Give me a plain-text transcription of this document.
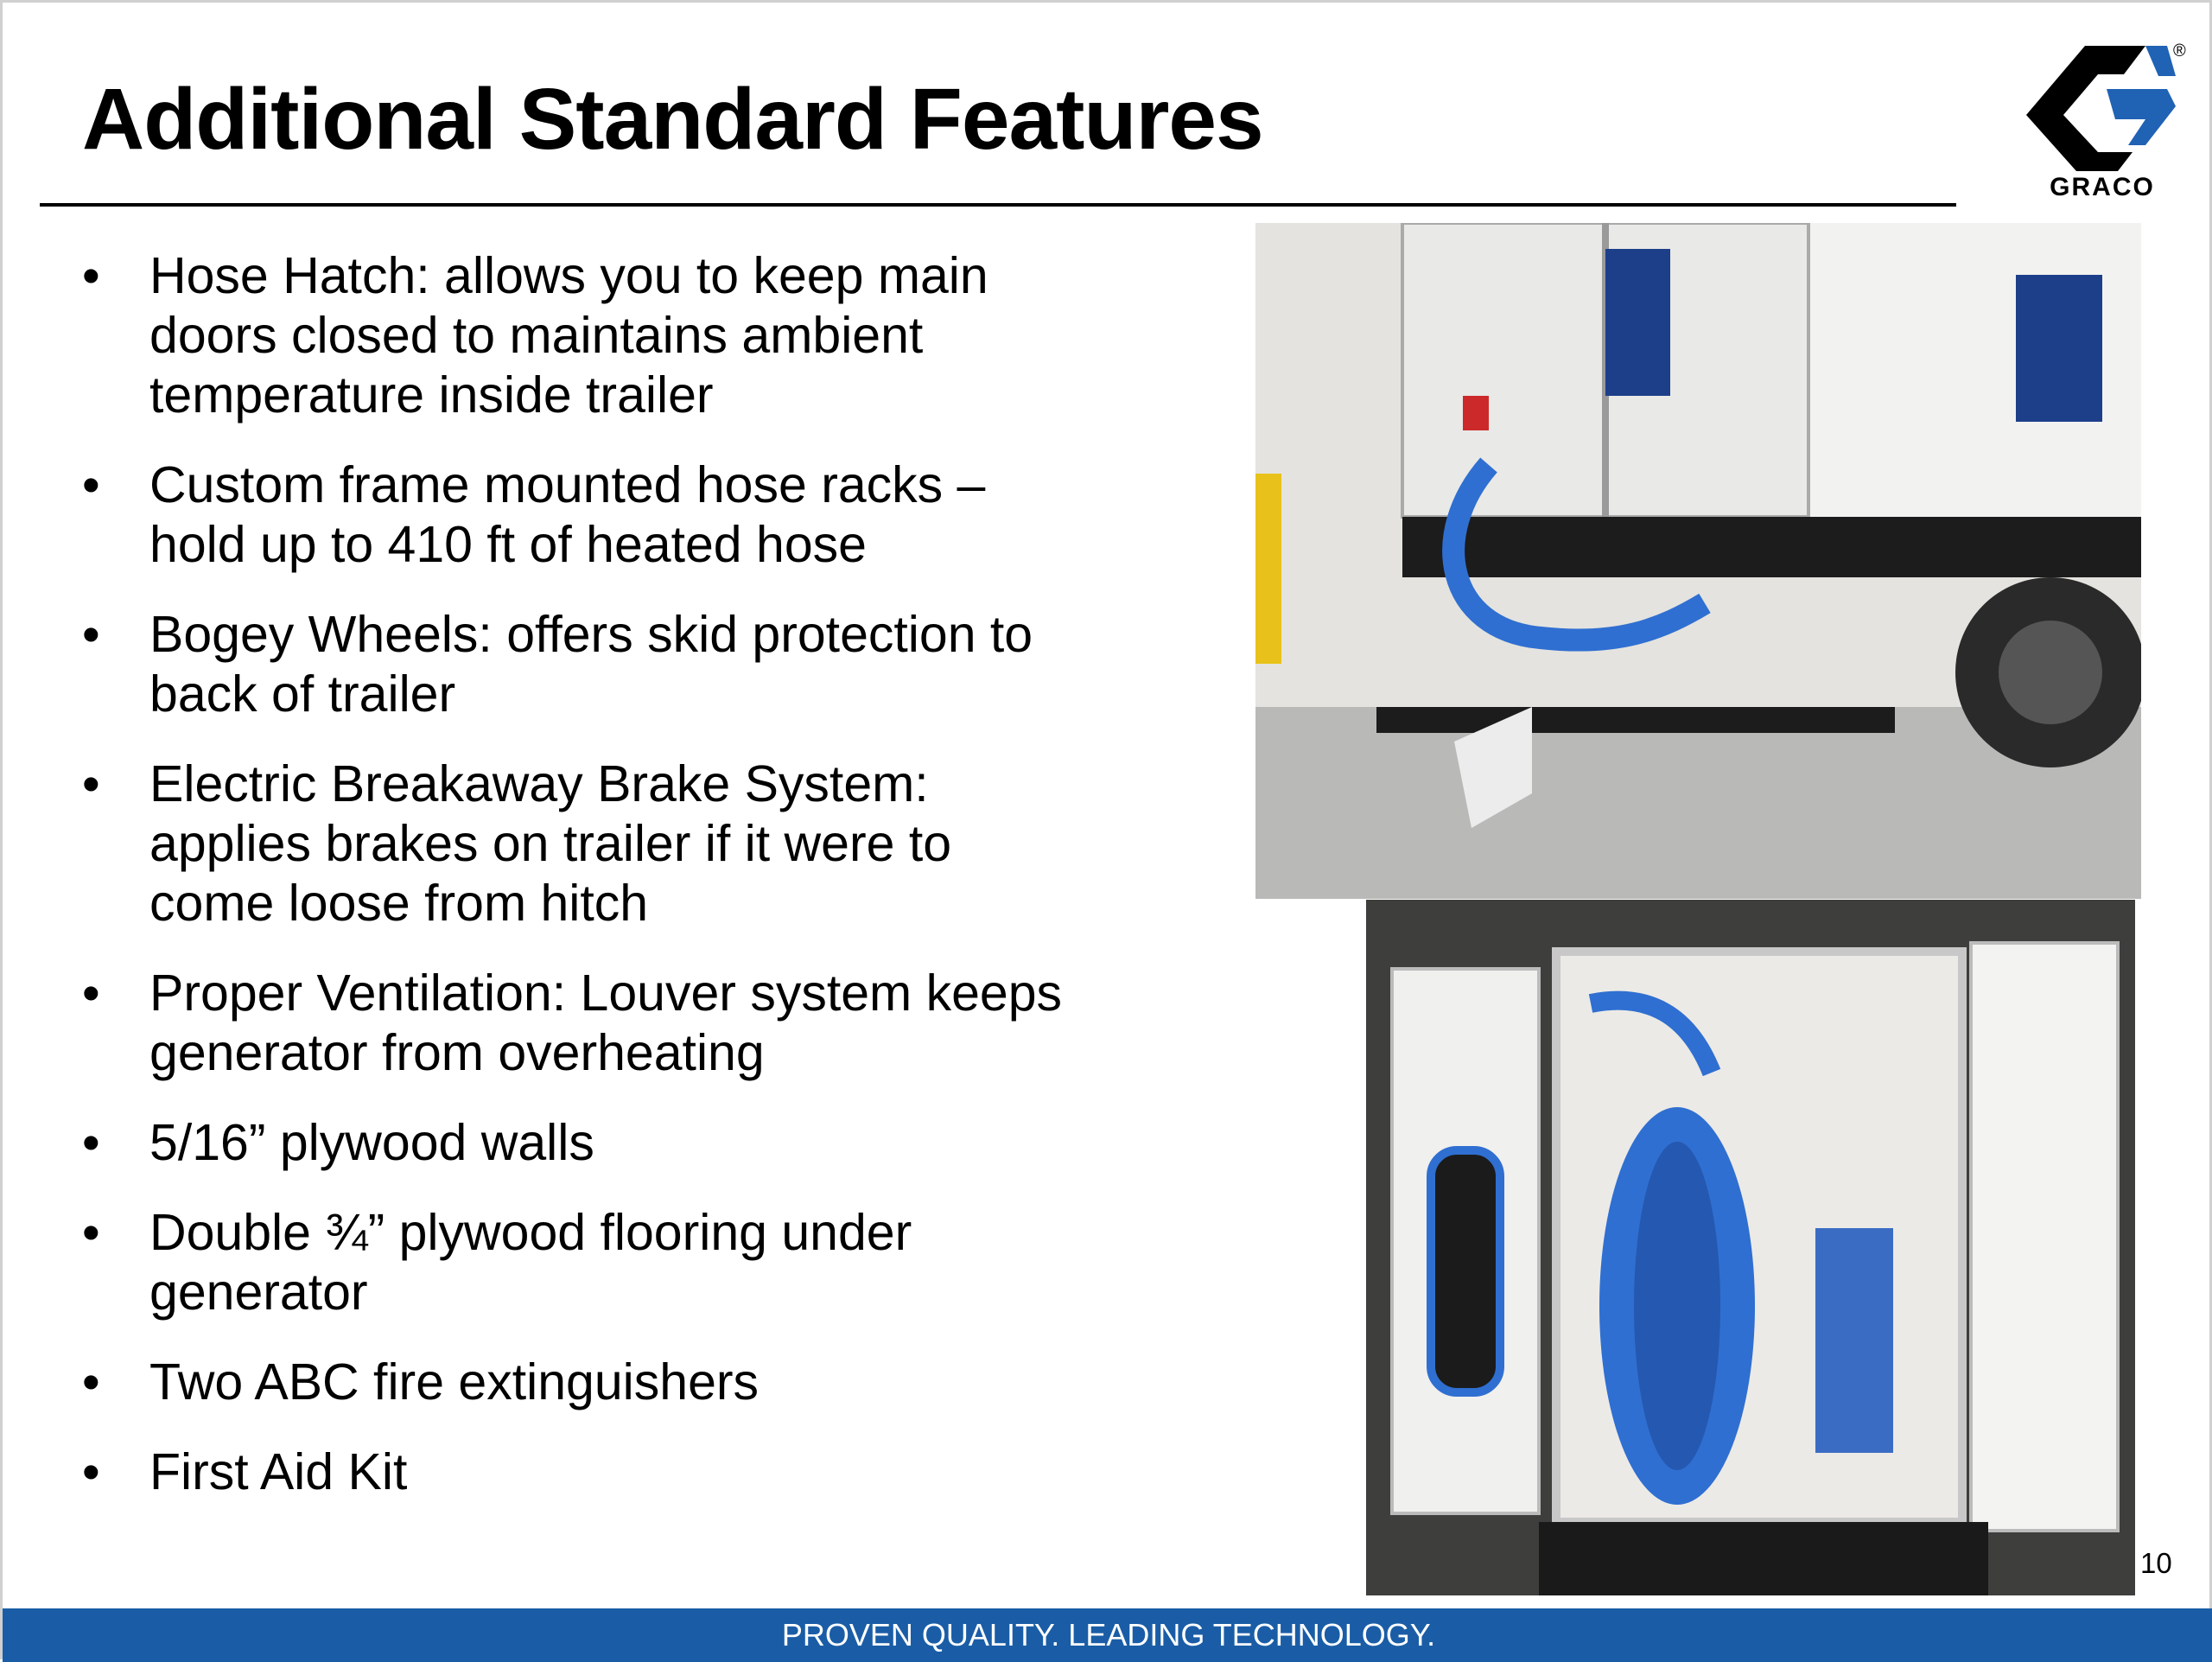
Additional Standard Features
®
GRACO
• Hose Hatch: allows you to keep main
doors closed to maintains ambient
temperature inside trailer
• Custom frame mounted hose racks –
hold up to 410 ft of heated hose
• Bogey Wheels: offers skid protection to
back of trailer
• Electric Breakaway Brake System:
applies brakes on trailer if it were to
come loose from hitch
• Proper Ventilation: Louver system keeps
generator from overheating
• 5/16” plywood walls
• Double ¾” plywood flooring under
generator
• Two ABC fire extinguishers
• First Aid Kit
10
PROVEN QUALITY. LEADING TECHNOLOGY.
